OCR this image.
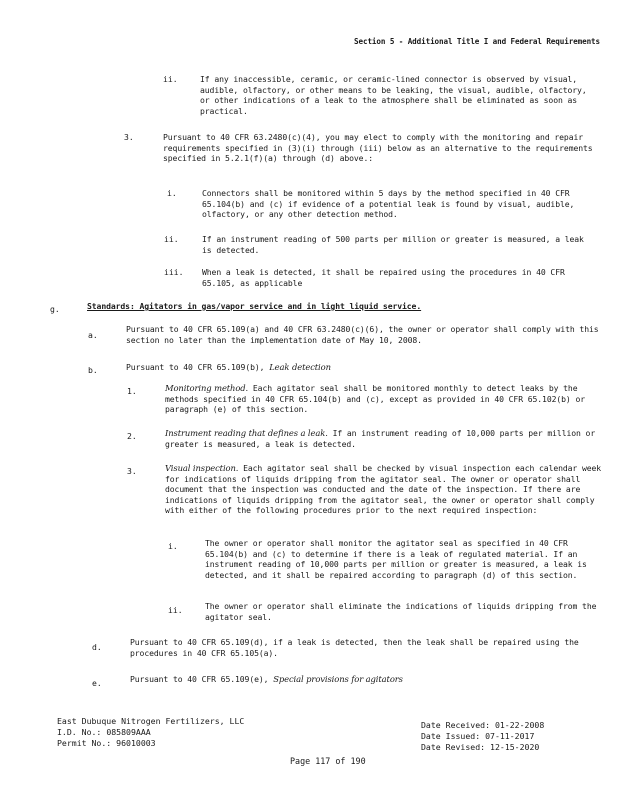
Section 5 - Additional Title I and Federal Requirements
ii.	If any inaccessible, ceramic, or ceramic-lined connector is observed by visual, audible, olfactory, or other means to be leaking, the visual, audible, olfactory, or other indications of a leak to the atmosphere shall be eliminated as soon as practical.
3.	Pursuant to 40 CFR 63.2480(c)(4), you may elect to comply with the monitoring and repair requirements specified in (3)(i) through (iii) below as an alternative to the requirements specified in 5.2.1(f)(a) through (d) above.:
i.	Connectors shall be monitored within 5 days by the method specified in 40 CFR 65.104(b) and (c) if evidence of a potential leak is found by visual, audible, olfactory, or any other detection method.
ii.	If an instrument reading of 500 parts per million or greater is measured, a leak is detected.
iii. When a leak is detected, it shall be repaired using the procedures in 40 CFR 65.105, as applicable
g.	Standards: Agitators in gas/vapor service and in light liquid service.
a.
Pursuant to 40 CFR 65.109(a) and 40 CFR 63.2480(c)(6), the owner or operator shall comply with this section no later than the implementation date of May 10, 2008.
b.	Pursuant to 40 CFR 65.109(b), Leak detection
1.	Monitoring method. Each agitator seal shall be monitored monthly to detect leaks by the methods specified in 40 CFR 65.104(b) and (c), except as provided in 40 CFR 65.102(b) or paragraph (e) of this section.
2.	Instrument reading that defines a leak. If an instrument reading of 10,000 parts per million or greater is measured, a leak is detected.
3.	Visual inspection. Each agitator seal shall be checked by visual inspection each calendar week for indications of liquids dripping from the agitator seal. The owner or operator shall document that the inspection was conducted and the date of the inspection. If there are indications of liquids dripping from the agitator seal, the owner or operator shall comply with either of the following procedures prior to the next required inspection:
i.	The owner or operator shall monitor the agitator seal as specified in 40 CFR 65.104(b) and (c) to determine if there is a leak of regulated material. If an instrument reading of 10,000 parts per million or greater is measured, a leak is detected, and it shall be repaired according to paragraph (d) of this section.
ii.	The owner or operator shall eliminate the indications of liquids dripping from the agitator seal.
d.	Pursuant to 40 CFR 65.109(d), if a leak is detected, then the leak shall be repaired using the procedures in 40 CFR 65.105(a).
e.	Pursuant to 40 CFR 65.109(e), Special provisions for agitators
East Dubuque Nitrogen Fertilizers, LLC
I.D. No.: 085809AAA
Permit No.: 96010003
Date Received: 01-22-2008
Date Issued: 07-11-2017
Date Revised: 12-15-2020
Page 117 of 190
